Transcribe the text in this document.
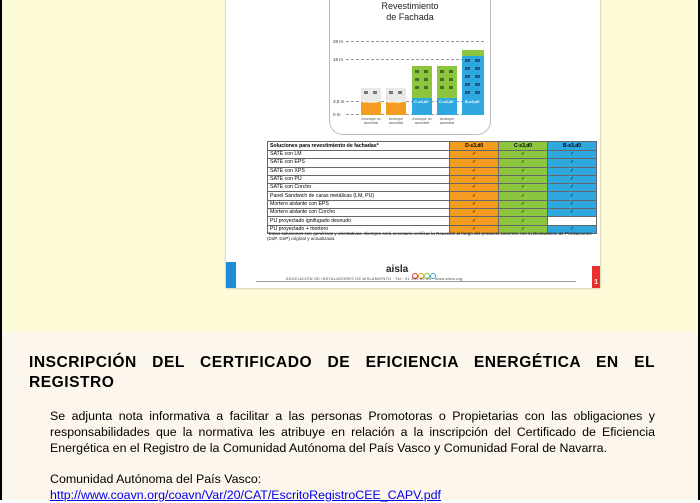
Revestimiento
de Fachada
28 m
18 m
3,5 m
0 m
Arranque no accesible
Arranque accesible
Arranque no accesible
Arranque accesible
D-s3,d0	D-s3,d0	C-s3,d0	C-s3,d0	B-s3,d0
Soluciones para revestimiento de fachadas*	D-s3,d0	C-s3,d0	B-s3,d0
SATE con LM	✓	✓	✓
SATE con EPS	✓	✓	✓
SATE con XPS	✓	✓	✓
SATE con PU	✓	✓	✓
SATE con Corcho	✓	✓	✓
Panel Sándwich de caras metálicas (LM, PU)	✓	✓	✓
Mortero aislante con EPS	✓	✓	✓
Mortero aislante con Corcho	✓	✓	✓
PU proyectado ignifugado desnudo	✓	✓	
PU proyectado + mortero	✓	✓	✓
*Estas soluciones son genéricas y orientativas. Siempre será necesario verificar la Reacción al fuego del producto concreto con la Declaración de Prestaciones (DdP, DoP) original y actualizada.
aisla
ASOCIACIÓN DE INSTALADORES DE AISLAMIENTO · Tel.: 91 859 69 06 · www.aisla.org	1
INSCRIPCIÓN DEL CERTIFICADO DE EFICIENCIA ENERGÉTICA EN EL REGISTRO

Se adjunta nota informativa a facilitar a las personas Promotoras o Propietarias con las obligaciones y responsabilidades que la normativa les atribuye en relación a la inscripción del Certificado de Eficiencia Energética en el Registro de la Comunidad Autónoma del País Vasco y Comunidad Foral de Navarra.

Comunidad Autónoma del País Vasco:
http://www.coavn.org/coavn/Var/20/CAT/EscritoRegistroCEE_CAPV.pdf
